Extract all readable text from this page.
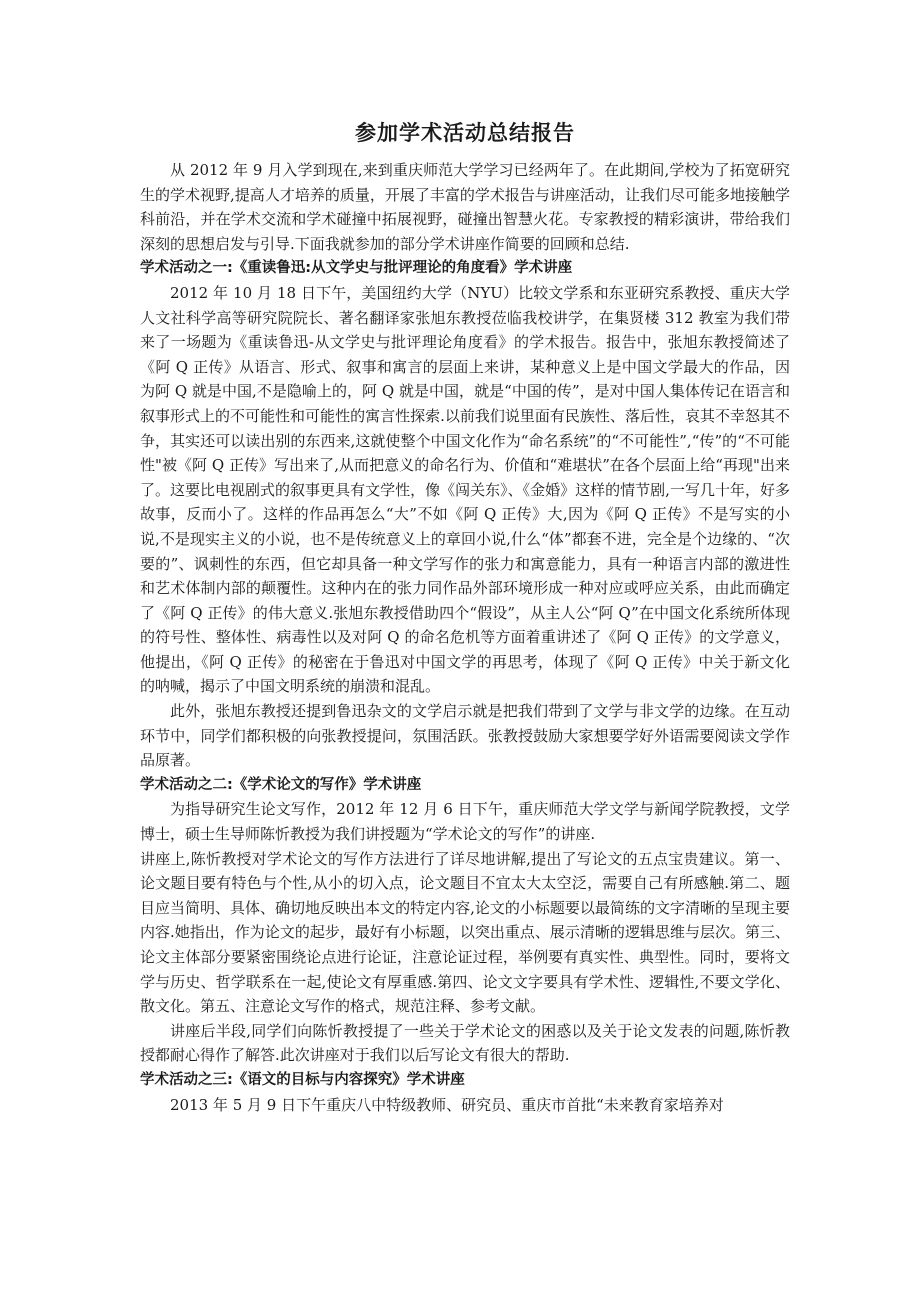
参加学术活动总结报告

从 2012 年 9 月入学到现在,来到重庆师范大学学习已经两年了。在此期间,学校为了拓宽研究生的学术视野,提高人才培养的质量，开展了丰富的学术报告与讲座活动，让我们尽可能多地接触学科前沿，并在学术交流和学术碰撞中拓展视野，碰撞出智慧火花。专家教授的精彩演讲，带给我们深刻的思想启发与引导.下面我就参加的部分学术讲座作简要的回顾和总结.

学术活动之一:《重读鲁迅:从文学史与批评理论的角度看》学术讲座

2012 年 10 月 18 日下午，美国纽约大学（NYU）比较文学系和东亚研究系教授、重庆大学人文社科学高等研究院院长、著名翻译家张旭东教授莅临我校讲学，在集贤楼 312 教室为我们带来了一场题为《重读鲁迅-从文学史与批评理论角度看》的学术报告。报告中，张旭东教授简述了《阿 Q 正传》从语言、形式、叙事和寓言的层面上来讲，某种意义上是中国文学最大的作品，因为阿 Q 就是中国,不是隐喻上的，阿 Q 就是中国，就是“中国的传”，是对中国人集体传记在语言和叙事形式上的不可能性和可能性的寓言性探索.以前我们说里面有民族性、落后性，哀其不幸怒其不争，其实还可以读出别的东西来,这就使整个中国文化作为“命名系统”的“不可能性”,“传”的“不可能性"被《阿 Q 正传》写出来了,从而把意义的命名行为、价值和“难堪状”在各个层面上给“再现"出来了。这要比电视剧式的叙事更具有文学性，像《闯关东》、《金婚》这样的情节剧,一写几十年，好多故事，反而小了。这样的作品再怎么“大”不如《阿 Q 正传》大,因为《阿 Q 正传》不是写实的小说,不是现实主义的小说，也不是传统意义上的章回小说,什么“体”都套不进，完全是个边缘的、“次要的”、讽刺性的东西，但它却具备一种文学写作的张力和寓意能力，具有一种语言内部的激进性和艺术体制内部的颠覆性。这种内在的张力同作品外部环境形成一种对应或呼应关系，由此而确定了《阿 Q 正传》的伟大意义.张旭东教授借助四个“假设”，从主人公“阿 Q”在中国文化系统所体现的符号性、整体性、病毒性以及对阿 Q 的命名危机等方面着重讲述了《阿 Q 正传》的文学意义，他提出，《阿 Q 正传》的秘密在于鲁迅对中国文学的再思考，体现了《阿 Q 正传》中关于新文化的呐喊，揭示了中国文明系统的崩溃和混乱。

此外，张旭东教授还提到鲁迅杂文的文学启示就是把我们带到了文学与非文学的边缘。在互动环节中，同学们都积极的向张教授提问，氛围活跃。张教授鼓励大家想要学好外语需要阅读文学作品原著。

学术活动之二:《学术论文的写作》学术讲座

为指导研究生论文写作，2012 年 12 月 6 日下午，重庆师范大学文学与新闻学院教授，文学博士，硕士生导师陈忻教授为我们讲授题为“学术论文的写作”的讲座.

讲座上,陈忻教授对学术论文的写作方法进行了详尽地讲解,提出了写论文的五点宝贵建议。第一、论文题目要有特色与个性,从小的切入点，论文题目不宜太大太空泛，需要自己有所感触.第二、题目应当简明、具体、确切地反映出本文的特定内容,论文的小标题要以最简练的文字清晰的呈现主要内容.她指出，作为论文的起步，最好有小标题，以突出重点、展示清晰的逻辑思维与层次。第三、论文主体部分要紧密围绕论点进行论证，注意论证过程，举例要有真实性、典型性。同时，要将文学与历史、哲学联系在一起,使论文有厚重感.第四、论文文字要具有学术性、逻辑性,不要文学化、散文化。第五、注意论文写作的格式，规范注释、参考文献。

讲座后半段,同学们向陈忻教授提了一些关于学术论文的困惑以及关于论文发表的问题,陈忻教授都耐心得作了解答.此次讲座对于我们以后写论文有很大的帮助.

学术活动之三:《语文的目标与内容探究》学术讲座

2013 年 5 月 9 日下午重庆八中特级教师、研究员、重庆市首批“未来教育家培养对
